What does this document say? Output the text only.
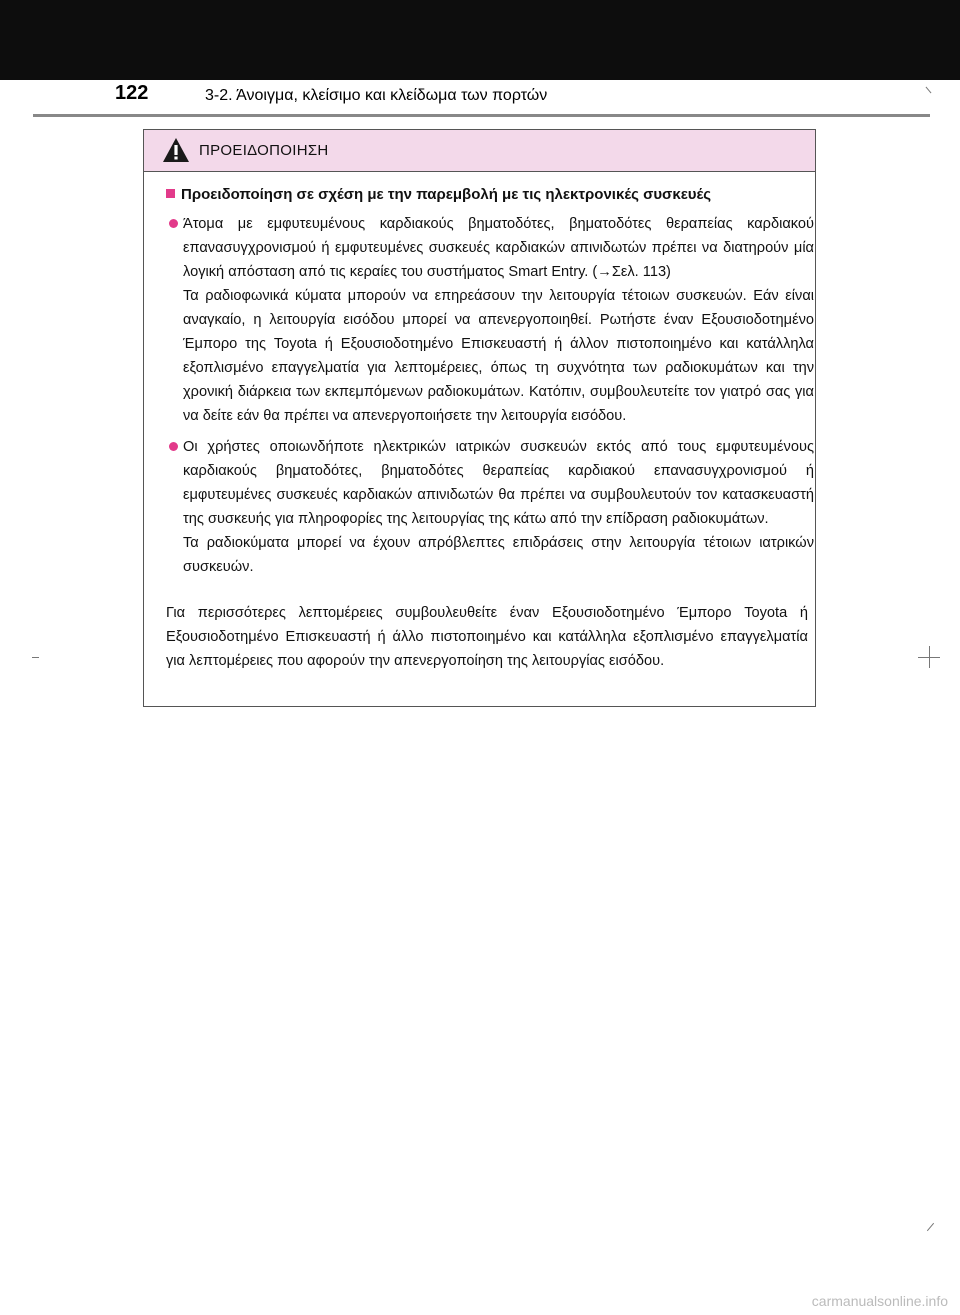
122	3-2. Άνοιγμα, κλείσιμο και κλείδωμα των πορτών
ΠΡΟΕΙΔΟΠΟΙΗΣΗ
Προειδοποίηση σε σχέση με την παρεμβολή με τις ηλεκτρονικές συσκευές
Άτομα με εμφυτευμένους καρδιακούς βηματοδότες, βηματοδότες θεραπείας καρδιακού επανασυγχρονισμού ή εμφυτευμένες συσκευές καρδιακών απινιδωτών πρέπει να διατηρούν μία λογική απόσταση από τις κεραίες του συστήματος Smart Entry. (→Σελ. 113)
Τα ραδιοφωνικά κύματα μπορούν να επηρεάσουν την λειτουργία τέτοιων συσκευών. Εάν είναι αναγκαίο, η λειτουργία εισόδου μπορεί να απενεργοποιηθεί. Ρωτήστε έναν Εξουσιοδοτημένο Έμπορο της Toyota ή Εξουσιοδοτημένο Επισκευαστή ή άλλον πιστοποιημένο και κατάλληλα εξοπλισμένο επαγγελματία για λεπτομέρειες, όπως τη συχνότητα των ραδιοκυμάτων και την χρονική διάρκεια των εκπεμπόμενων ραδιοκυμάτων. Κατόπιν, συμβουλευτείτε τον γιατρό σας για να δείτε εάν θα πρέπει να απενεργοποιήσετε την λειτουργία εισόδου.
Οι χρήστες οποιωνδήποτε ηλεκτρικών ιατρικών συσκευών εκτός από τους εμφυτευμένους καρδιακούς βηματοδότες, βηματοδότες θεραπείας καρδιακού επανασυγχρονισμού ή εμφυτευμένες συσκευές καρδιακών απινιδωτών θα πρέπει να συμβουλευτούν τον κατασκευαστή της συσκευής για πληροφορίες της λειτουργίας της κάτω από την επίδραση ραδιοκυμάτων.
Τα ραδιοκύματα μπορεί να έχουν απρόβλεπτες επιδράσεις στην λειτουργία τέτοιων ιατρικών συσκευών.
Για περισσότερες λεπτομέρειες συμβουλευθείτε έναν Εξουσιοδοτημένο Έμπορο Toyota ή Εξουσιοδοτημένο Επισκευαστή ή άλλο πιστοποιημένο και κατάλληλα εξοπλισμένο επαγγελματία για λεπτομέρειες που αφορούν την απενεργοποίηση της λειτουργίας εισόδου.
carmanualsonline.info
